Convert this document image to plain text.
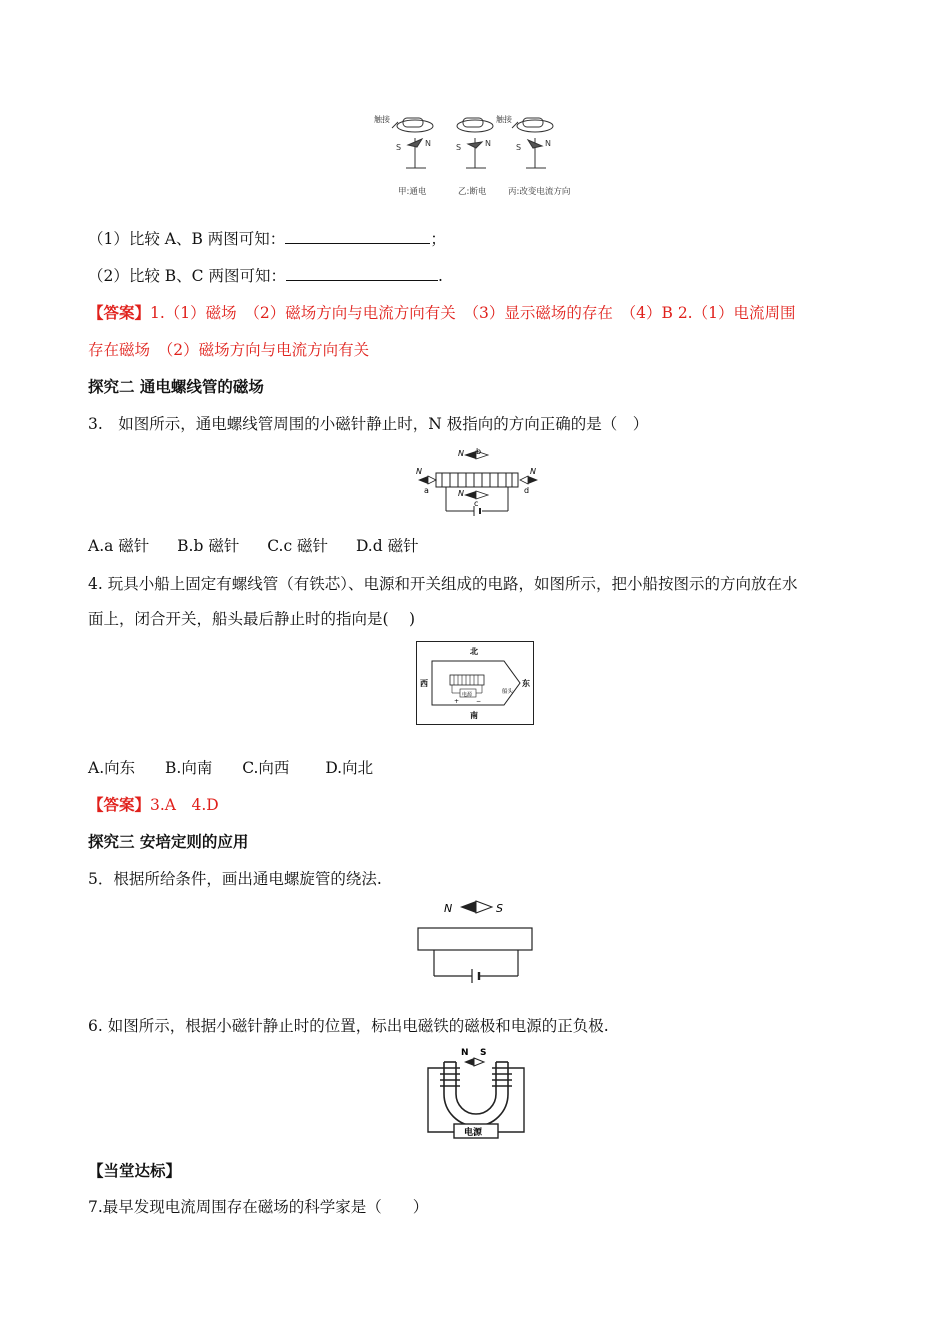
触接	触接
S	N	S	N	S	N
甲:通电	乙:断电	丙:改变电流方向
（1）比较 A、B 两图可知：	；
（2）比较 B、C 两图可知：	.
【答案】1.（1）磁场　（2）磁场方向与电流方向有关　（3）显示磁场的存在　（4）B 2.（1）电流周围
存在磁场　（2）磁场方向与电流方向有关
探究二 通电螺线管的磁场
3.　如图所示，通电螺线管周围的小磁针静止时，N 极指向的方向正确的是（　）
N b
N
a
N
d
N
c
A.a 磁针 B.b 磁针 C.c 磁针 D.d 磁针
4. 玩具小船上固定有螺线管（有铁芯）、电源和开关组成的电路，如图所示，把小船按图示的方向放在水
面上，闭合开关，船头最后静止时的指向是(　 )
北
南
西	东
船头
电源
+	−
A.向东 B.向南 C.向西 D.向北
【答案】3.A　4.D
探究三 安培定则的应用
5．根据所给条件，画出通电螺旋管的绕法.
N	S
6. 如图所示，根据小磁针静止时的位置，标出电磁铁的磁极和电源的正负极.
N S
电源
【当堂达标】
7.最早发现电流周围存在磁场的科学家是（　　）
